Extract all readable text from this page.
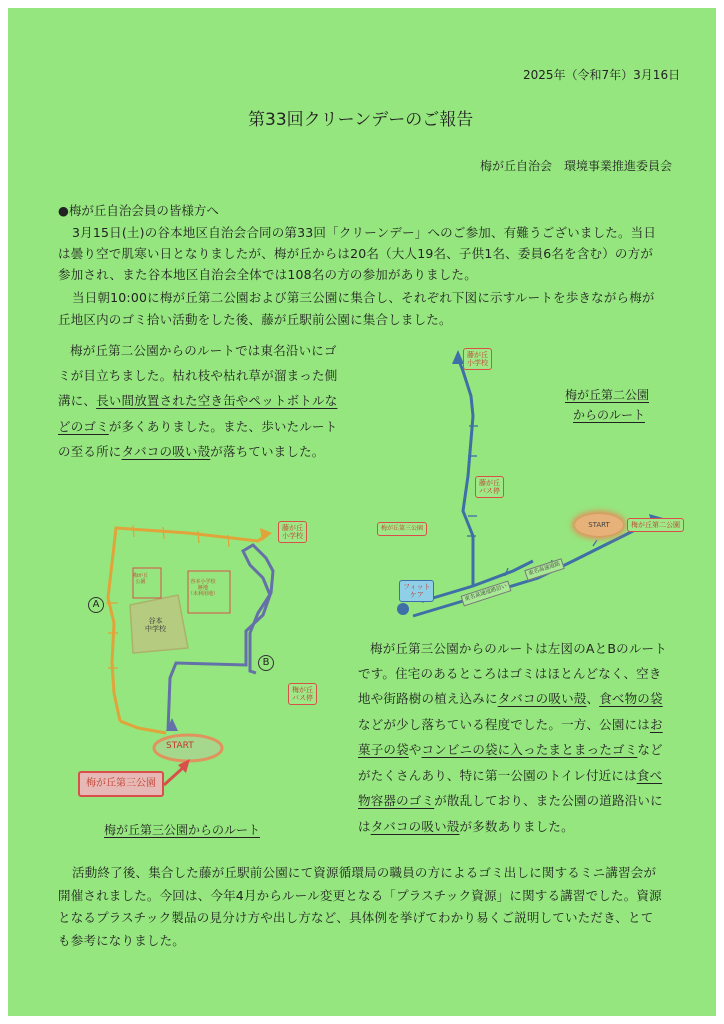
2025年（令和7年）3月16日
第33回クリーンデーのご報告
梅が丘自治会　環境事業推進委員会
●梅が丘自治会員の皆様方へ
3月15日(土)の谷本地区自治会合同の第33回「クリーンデー」へのご参加、有難うございました。当日
は曇り空で肌寒い日となりましたが、梅が丘からは20名（大人19名、子供1名、委員6名を含む）の方が
参加され、また谷本地区自治会全体では108名の方の参加がありました。
当日朝10:00に梅が丘第二公園および第三公園に集合し、それぞれ下図に示すルートを歩きながら梅が
丘地区内のゴミ拾い活動をした後、藤が丘駅前公園に集合しました。
梅が丘第二公園からのルートでは東名沿いにゴ
ミが目立ちました。枯れ枝や枯れ草が溜まった側
溝に、長い間放置された空き缶やペットボトルな
どのゴミが多くありました。また、歩いたルート
の至る所にタバコの吸い殻が落ちていました。
藤が丘
小学校
藤が丘
バス停
梅が丘第三公園	START	梅が丘第二公園
フィット
ケア
東名高速道路
東名高速道路沿い
梅が丘第二公園
からのルート
藤が丘
小学校
梅が丘
バス停
谷本
中学校
梅が丘
公園	谷本小学校
跡地
（未利用地）
A
B
START
梅が丘第三公園
梅が丘第三公園からのルート
梅が丘第三公園からのルートは左図のAとBのルート
です。住宅のあるところはゴミはほとんどなく、空き
地や街路樹の植え込みにタバコの吸い殻、食べ物の袋
などが少し落ちている程度でした。一方、公園にはお
菓子の袋やコンビニの袋に入ったまとまったゴミなど
がたくさんあり、特に第一公園のトイレ付近には食べ
物容器のゴミが散乱しており、また公園の道路沿いに
はタバコの吸い殻が多数ありました。
活動終了後、集合した藤が丘駅前公園にて資源循環局の職員の方によるゴミ出しに関するミニ講習会が
開催されました。今回は、今年4月からルール変更となる「プラスチック資源」に関する講習でした。資源
となるプラスチック製品の見分け方や出し方など、具体例を挙げてわかり易くご説明していただき、とて
も参考になりました。
